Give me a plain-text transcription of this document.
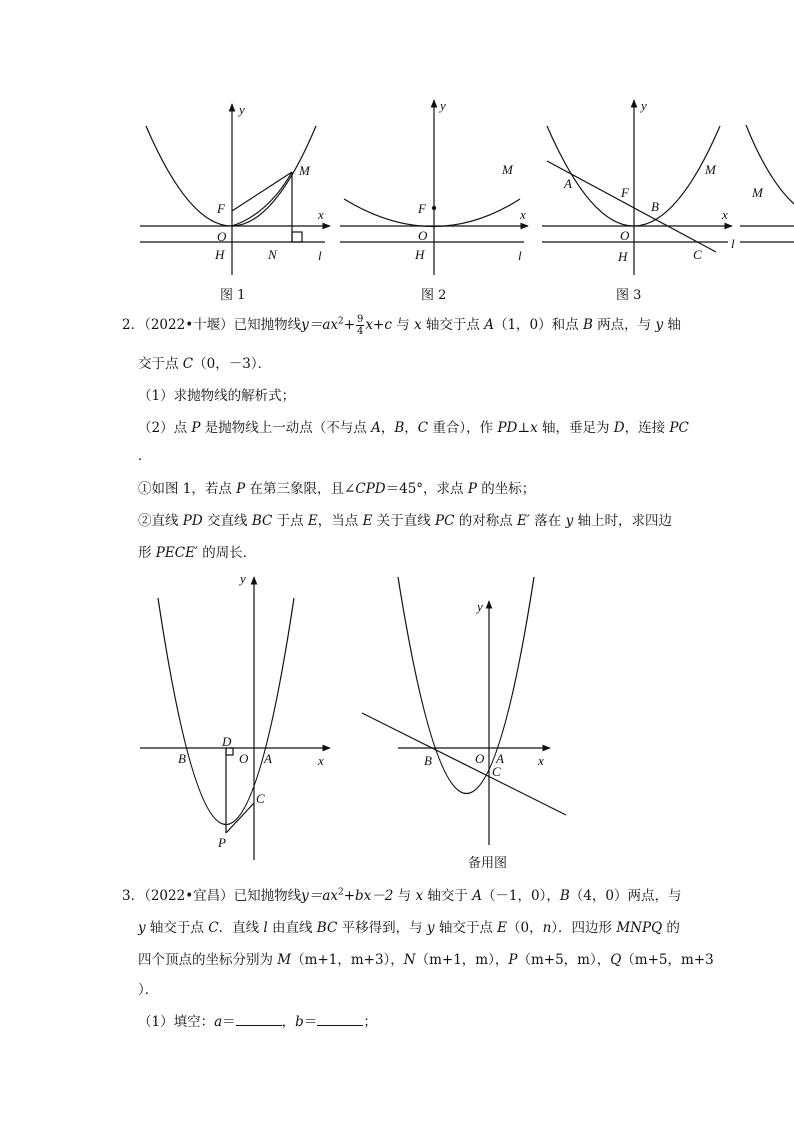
y
x
M
F
O
H	N	l
y
x
M
F
O
H	l
y
x
A
F
M
B
O
H	C
l
M
图 1	图 2	图 3
2．（2022•十堰）已知抛物线$y=ax^2+ \frac{9}{4} x+c$ 与 x 轴交于点 A（1，0）和点 B 两点，与 y 轴
交于点 C（0，－3）．
（1）求抛物线的解析式；
（2）点 P 是抛物线上一动点（不与点 A，B，C 重合），作 PD⊥x 轴，垂足为 D，连接 PC
．
①如图 1，若点 P 在第三象限，且∠CPD＝45°，求点 P 的坐标；
②直线 PD 交直线 BC 于点 E，当点 E 关于直线 PC 的对称点 E′ 落在 y 轴上时，求四边
形 PECE′ 的周长．
y
x
D
B	O A
C
P
y
x
B	O A
C
备用图
3．（2022•宜昌）已知抛物线$y=ax^2+bx-2$ 与 x 轴交于 A（－1，0），B（4，0）两点，与
y 轴交于点 C．直线 l 由直线 BC 平移得到，与 y 轴交于点 E（0，n）．四边形 MNPQ 的
四个顶点的坐标分别为 M（m+1，m+3），N（m+1，m），P（m+5，m），Q（m+5，m+3
）．
（1）填空：a＝	，b＝	；
